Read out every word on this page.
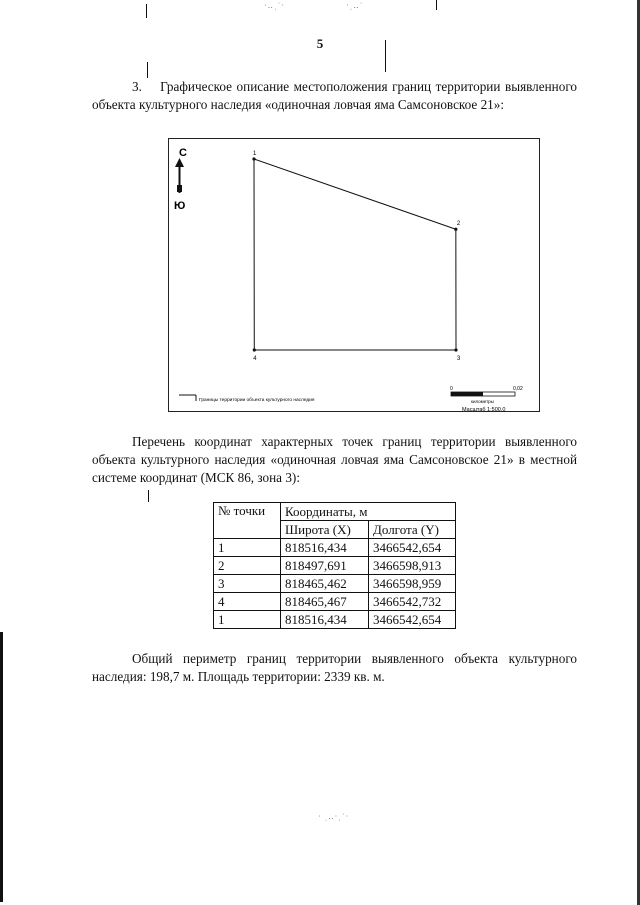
·‥ˌ˙·	·ˌ‥˙
· ˌ‥·ˌ˙·
5
3. Графическое описание местоположения границ территории выявленного объекта культурного наследия «одиночная ловчая яма Самсоновское 21»:
С
Ю
1
2
3
4
Границы территории объекта культурного наследия
0	0,02
километры
Масштаб 1:500.0
Перечень координат характерных точек границ территории выявленного объекта культурного наследия «одиночная ловчая яма Самсоновское 21» в местной системе координат (МСК 86, зона 3):
№ точки	Координаты, м	
	Широта (X)	Долгота (Y)
1	818516,434	3466542,654
2	818497,691	3466598,913
3	818465,462	3466598,959
4	818465,467	3466542,732
1	818516,434	3466542,654
Общий периметр границ территории выявленного объекта культурного наследия: 198,7 м. Площадь территории: 2339 кв. м.
